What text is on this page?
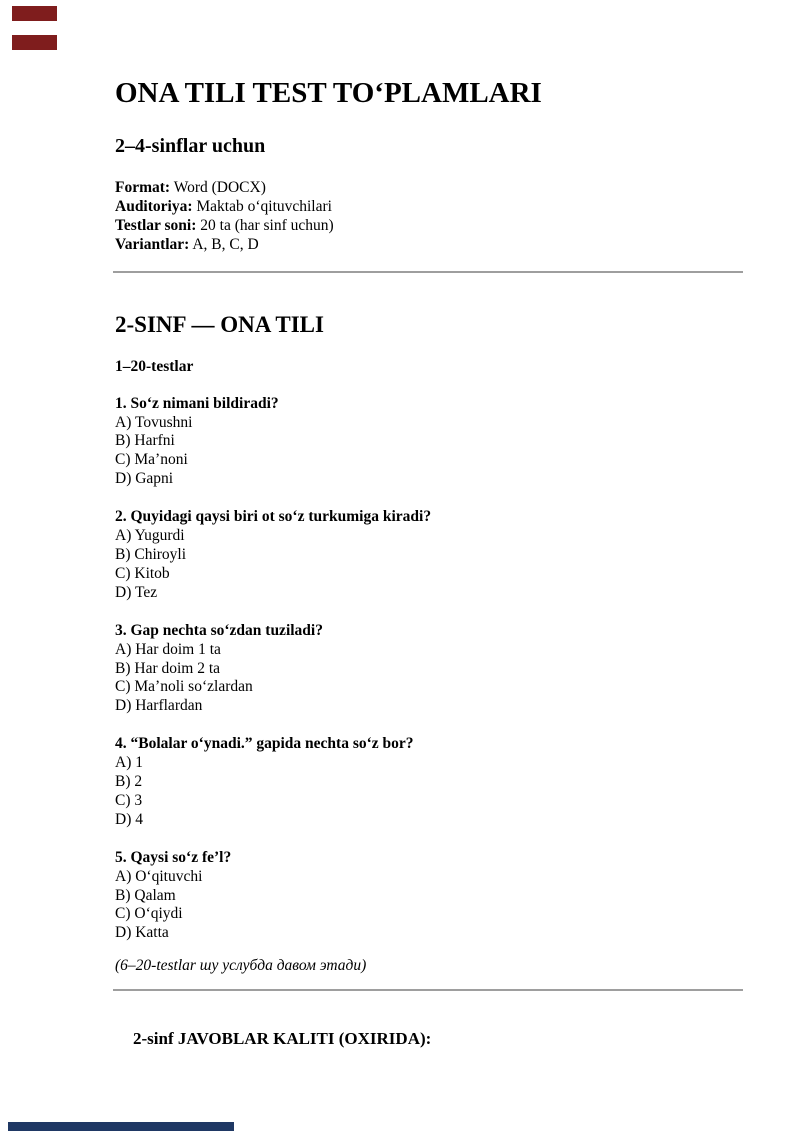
ONA TILI TEST TO‘PLAMLARI
2–4-sinflar uchun
Format: Word (DOCX)
Auditoriya: Maktab o‘qituvchilari
Testlar soni: 20 ta (har sinf uchun)
Variantlar: A, B, C, D
2-SINF — ONA TILI
1–20-testlar
1. So‘z nimani bildiradi?
A) Tovushni
B) Harfni
C) Ma’noni
D) Gapni
2. Quyidagi qaysi biri ot so‘z turkumiga kiradi?
A) Yugurdi
B) Chiroyli
C) Kitob
D) Tez
3. Gap nechta so‘zdan tuziladi?
A) Har doim 1 ta
B) Har doim 2 ta
C) Ma’noli so‘zlardan
D) Harflardan
4. “Bolalar o‘ynadi.” gapida nechta so‘z bor?
A) 1
B) 2
C) 3
D) 4
5. Qaysi so‘z fe’l?
A) O‘qituvchi
B) Qalam
C) O‘qiydi
D) Katta
(6–20-testlar шу услубда давом этади)
2-sinf JAVOBLAR KALITI (OXIRIDA):
